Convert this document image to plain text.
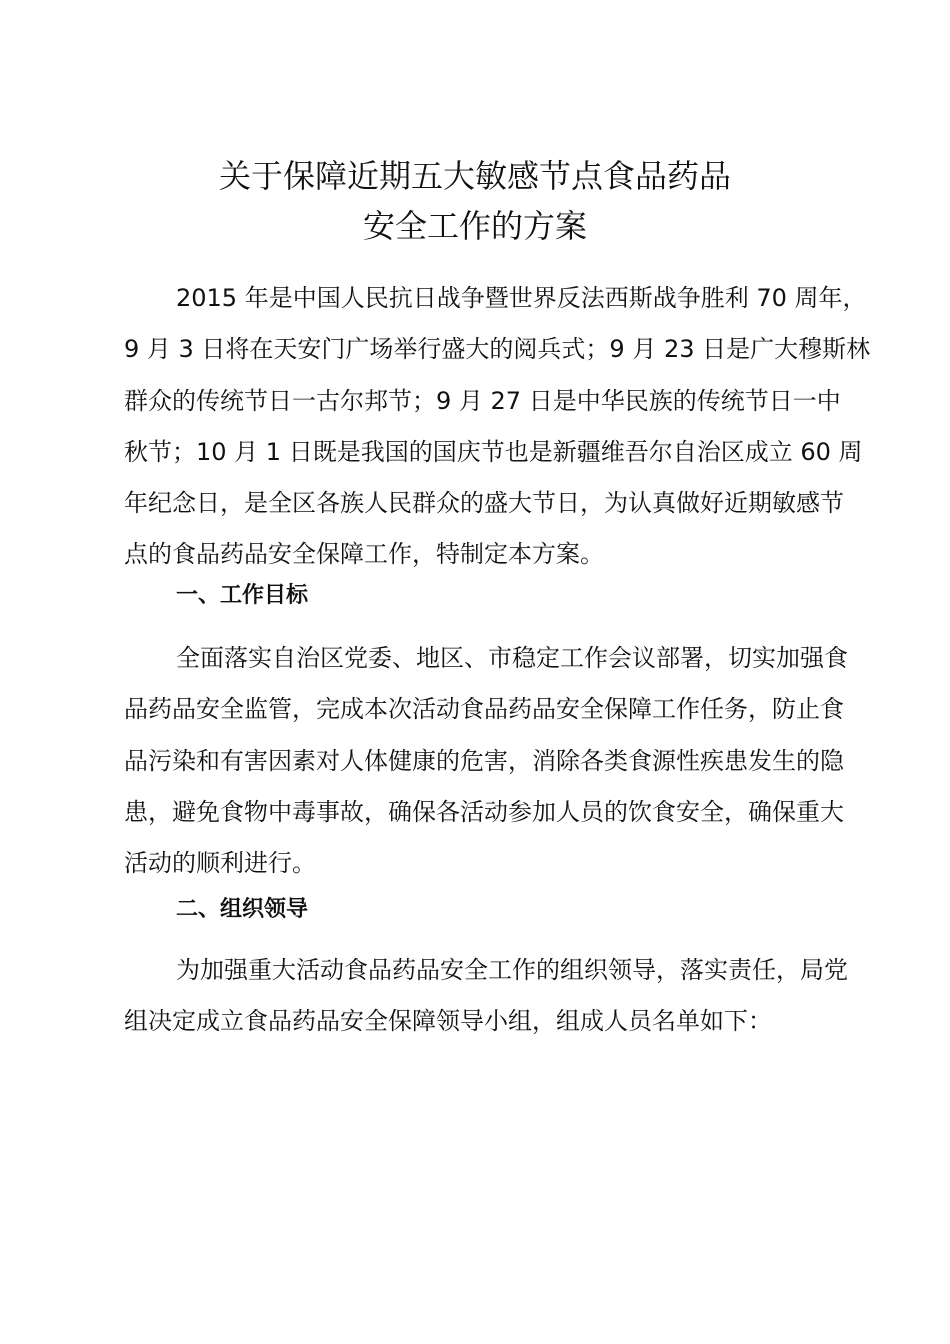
关于保障近期五大敏感节点食品药品
安全工作的方案
2015 年是中国人民抗日战争暨世界反法西斯战争胜利 70 周年，
9 月 3 日将在天安门广场举行盛大的阅兵式；9 月 23 日是广大穆斯林
群众的传统节日一古尔邦节；9 月 27 日是中华民族的传统节日一中
秋节；10 月 1 日既是我国的国庆节也是新疆维吾尔自治区成立 60 周
年纪念日，是全区各族人民群众的盛大节日，为认真做好近期敏感节
点的食品药品安全保障工作，特制定本方案。
一、工作目标
全面落实自治区党委、地区、市稳定工作会议部署，切实加强食
品药品安全监管，完成本次活动食品药品安全保障工作任务，防止食
品污染和有害因素对人体健康的危害，消除各类食源性疾患发生的隐
患，避免食物中毒事故，确保各活动参加人员的饮食安全，确保重大
活动的顺利进行。
二、组织领导
为加强重大活动食品药品安全工作的组织领导，落实责任，局党
组决定成立食品药品安全保障领导小组，组成人员名单如下：
